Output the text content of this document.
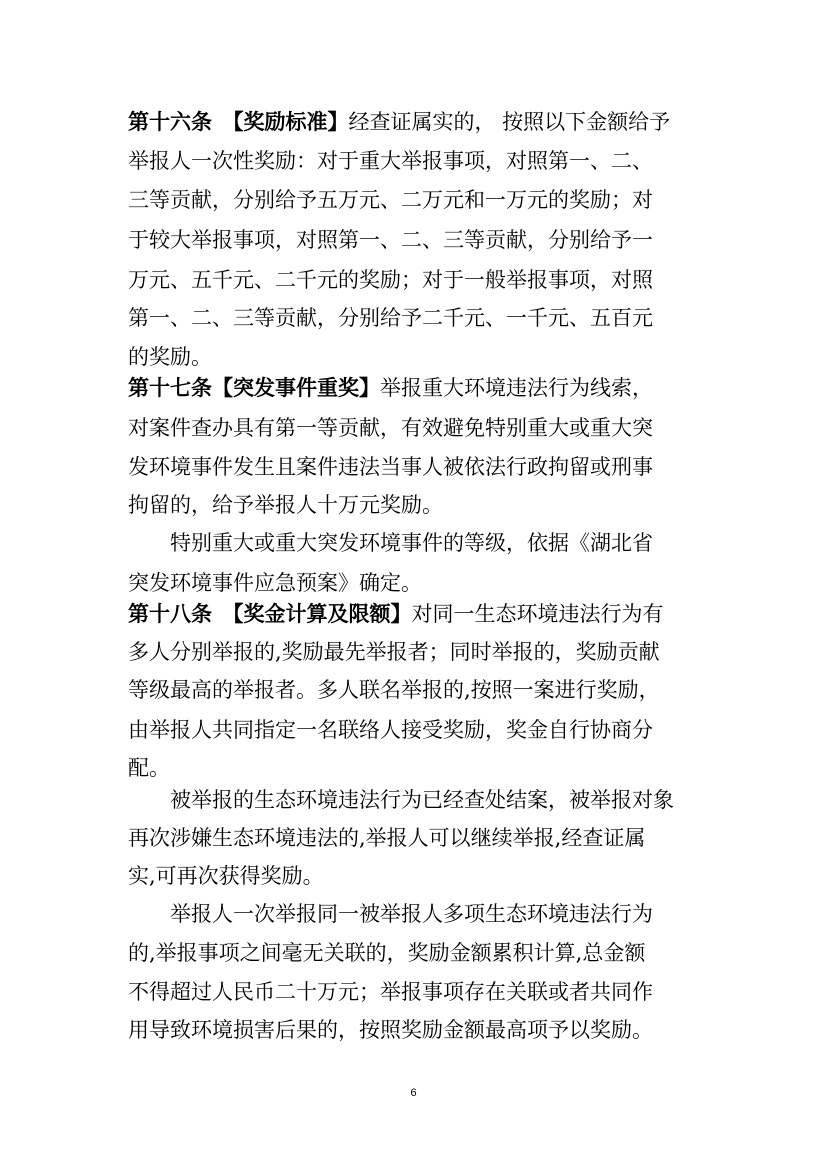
第十六条　【奖励标准】经查证属实的， 按照以下金额给予
举报人一次性奖励：对于重大举报事项，对照第一、二、
三等贡献，分别给予五万元、二万元和一万元的奖励；对
于较大举报事项，对照第一、二、三等贡献，分别给予一
万元、五千元、二千元的奖励；对于一般举报事项，对照
第一、二、三等贡献，分别给予二千元、一千元、五百元
的奖励。
第十七条【突发事件重奖】举报重大环境违法行为线索，
对案件查办具有第一等贡献，有效避免特别重大或重大突
发环境事件发生且案件违法当事人被依法行政拘留或刑事
拘留的，给予举报人十万元奖励。
特别重大或重大突发环境事件的等级，依据《湖北省
突发环境事件应急预案》确定。
第十八条　【奖金计算及限额】对同一生态环境违法行为有
多人分别举报的,奖励最先举报者；同时举报的，奖励贡献
等级最高的举报者。多人联名举报的,按照一案进行奖励，
由举报人共同指定一名联络人接受奖励，奖金自行协商分
配。
被举报的生态环境违法行为已经查处结案，被举报对象
再次涉嫌生态环境违法的,举报人可以继续举报,经查证属
实,可再次获得奖励。
举报人一次举报同一被举报人多项生态环境违法行为
的,举报事项之间毫无关联的，奖励金额累积计算,总金额
不得超过人民币二十万元；举报事项存在关联或者共同作
用导致环境损害后果的，按照奖励金额最高项予以奖励。
6
